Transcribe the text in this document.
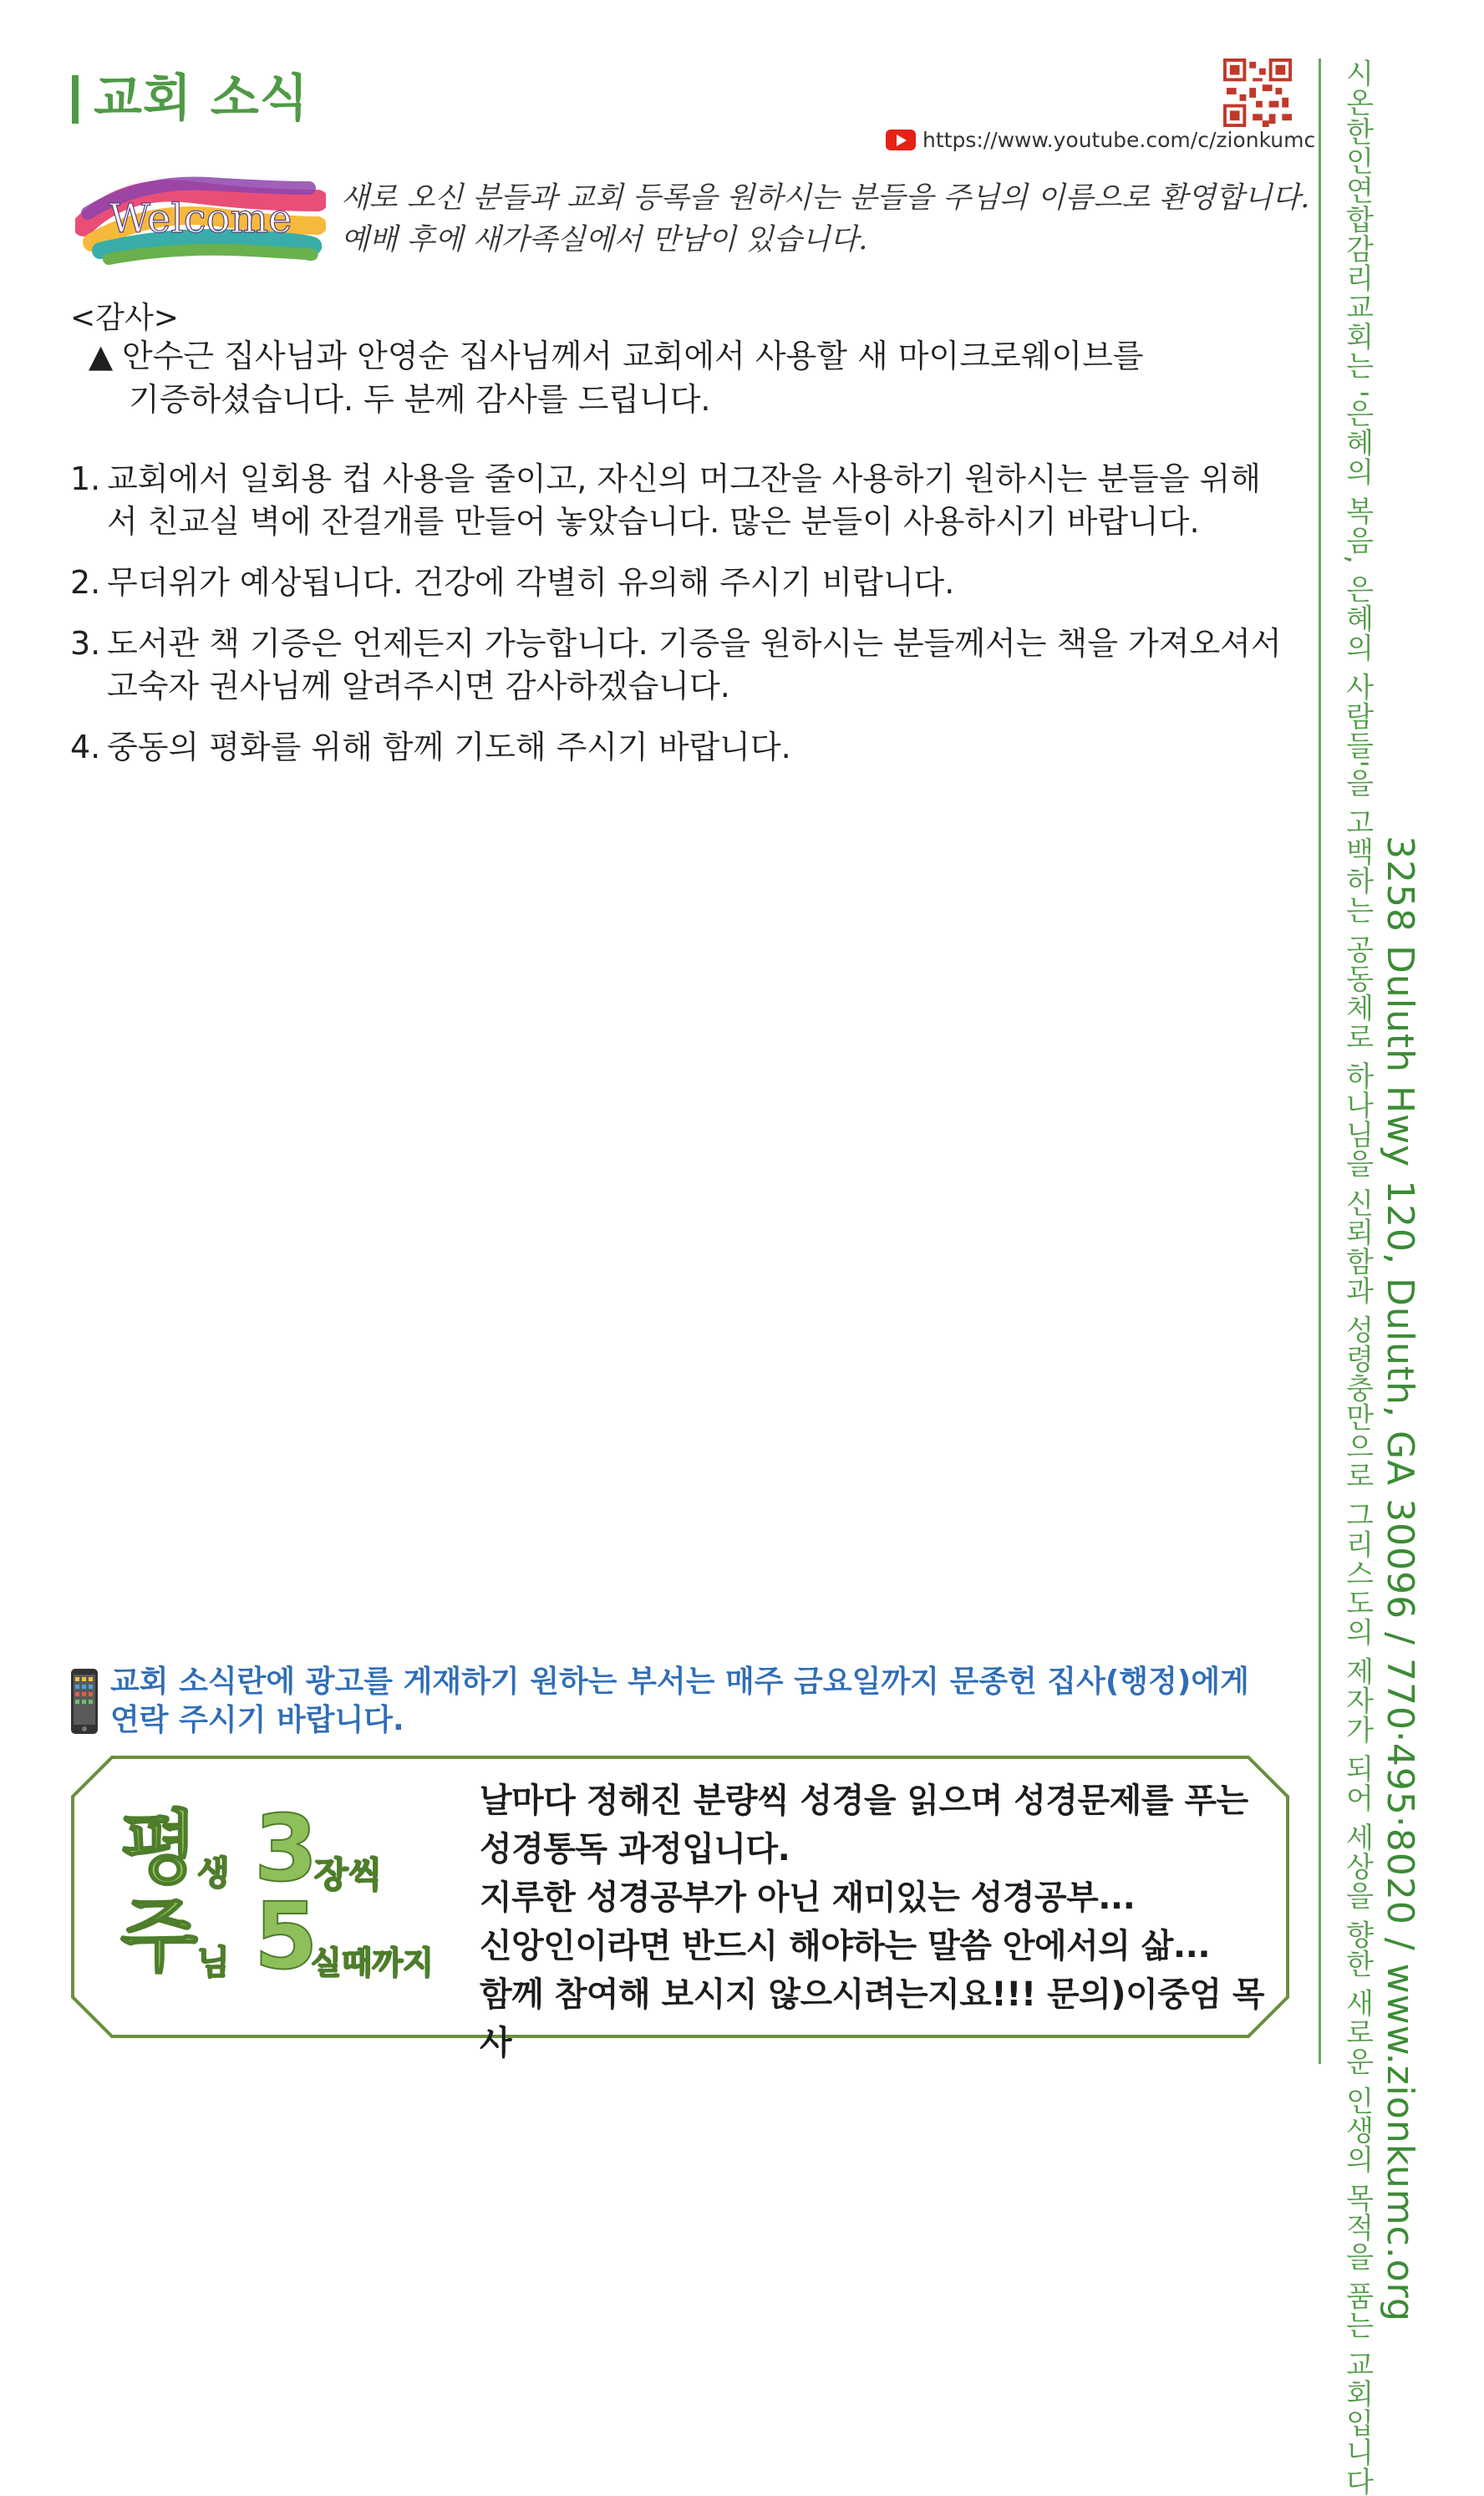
교회 소식
https://www.youtube.com/c/zionkumc
Welcome 새로 오신 분들과 교회 등록을 원하시는 분들을 주님의 이름으로 환영합니다.
예배 후에 새가족실에서 만남이 있습니다.
<감사>
▲ 안수근 집사님과 안영순 집사님께서 교회에서 사용할 새 마이크로웨이브를
기증하셨습니다. 두 분께 감사를 드립니다.
1. 교회에서 일회용 컵 사용을 줄이고, 자신의 머그잔을 사용하기 원하시는 분들을 위해서 친교실 벽에 잔걸개를 만들어 놓았습니다. 많은 분들이 사용하시기 바랍니다.
2. 무더위가 예상됩니다. 건강에 각별히 유의해 주시기 비랍니다.
3. 도서관 책 기증은 언제든지 가능합니다. 기증을 원하시는 분들께서는 책을 가져오셔서 고숙자 권사님께 알려주시면 감사하겠습니다.
4. 중동의 평화를 위해 함께 기도해 주시기 바랍니다.
교회 소식란에 광고를 게재하기 원하는 부서는 매주 금요일까지 문종헌 집사(행정)에게
연락 주시기 바랍니다.
평 생 3
장씩
주 님 5
실때까지
날마다 정해진 분량씩 성경을 읽으며 성경문제를 푸는
성경통독 과정입니다.
지루한 성경공부가 아닌 재미있는 성경공부...
신앙인이라면 반드시 해야하는 말씀 안에서의 삶...
함께 참여해 보시지 않으시려는지요!!! 문의)이중엄 목사	시온한인연합감리교회는 '은혜의 복음, 은혜의 사람들'을 고백하는 공동체로 하나님을 신뢰함과 성령충만으로 그리스도의 제자가 되어 세상을 향한 새로운 인생의 목적을 품는 교회입니다 3258 Duluth Hwy 120, Duluth, GA 30096 / 770·495·8020 / www.zionkumc.org
